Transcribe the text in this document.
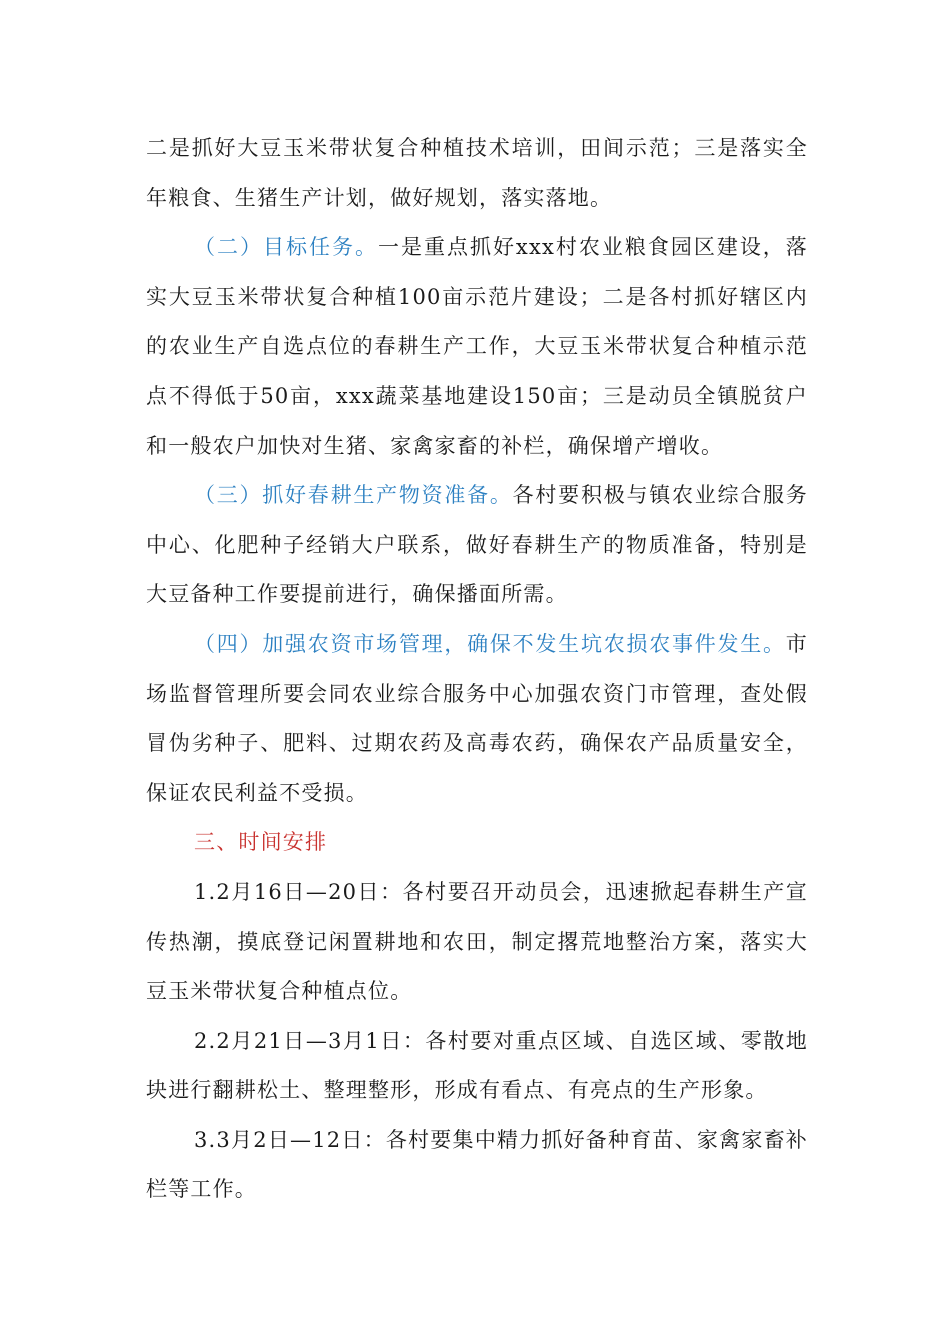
二是抓好大豆玉米带状复合种植技术培训，田间示范；三是落实全年粮食、生猪生产计划，做好规划，落实落地。

（二）目标任务。一是重点抓好xxx村农业粮食园区建设，落实大豆玉米带状复合种植100亩示范片建设；二是各村抓好辖区内的农业生产自选点位的春耕生产工作，大豆玉米带状复合种植示范点不得低于50亩，xxx蔬菜基地建设150亩；三是动员全镇脱贫户和一般农户加快对生猪、家禽家畜的补栏，确保增产增收。

（三）抓好春耕生产物资准备。各村要积极与镇农业综合服务中心、化肥种子经销大户联系，做好春耕生产的物质准备，特别是大豆备种工作要提前进行，确保播面所需。

（四）加强农资市场管理，确保不发生坑农损农事件发生。市场监督管理所要会同农业综合服务中心加强农资门市管理，查处假冒伪劣种子、肥料、过期农药及高毒农药，确保农产品质量安全，保证农民利益不受损。

三、时间安排

1.2月16日—20日：各村要召开动员会，迅速掀起春耕生产宣传热潮，摸底登记闲置耕地和农田，制定撂荒地整治方案，落实大豆玉米带状复合种植点位。

2.2月21日—3月1日：各村要对重点区域、自选区域、零散地块进行翻耕松土、整理整形，形成有看点、有亮点的生产形象。

3.3月2日—12日：各村要集中精力抓好备种育苗、家禽家畜补栏等工作。
